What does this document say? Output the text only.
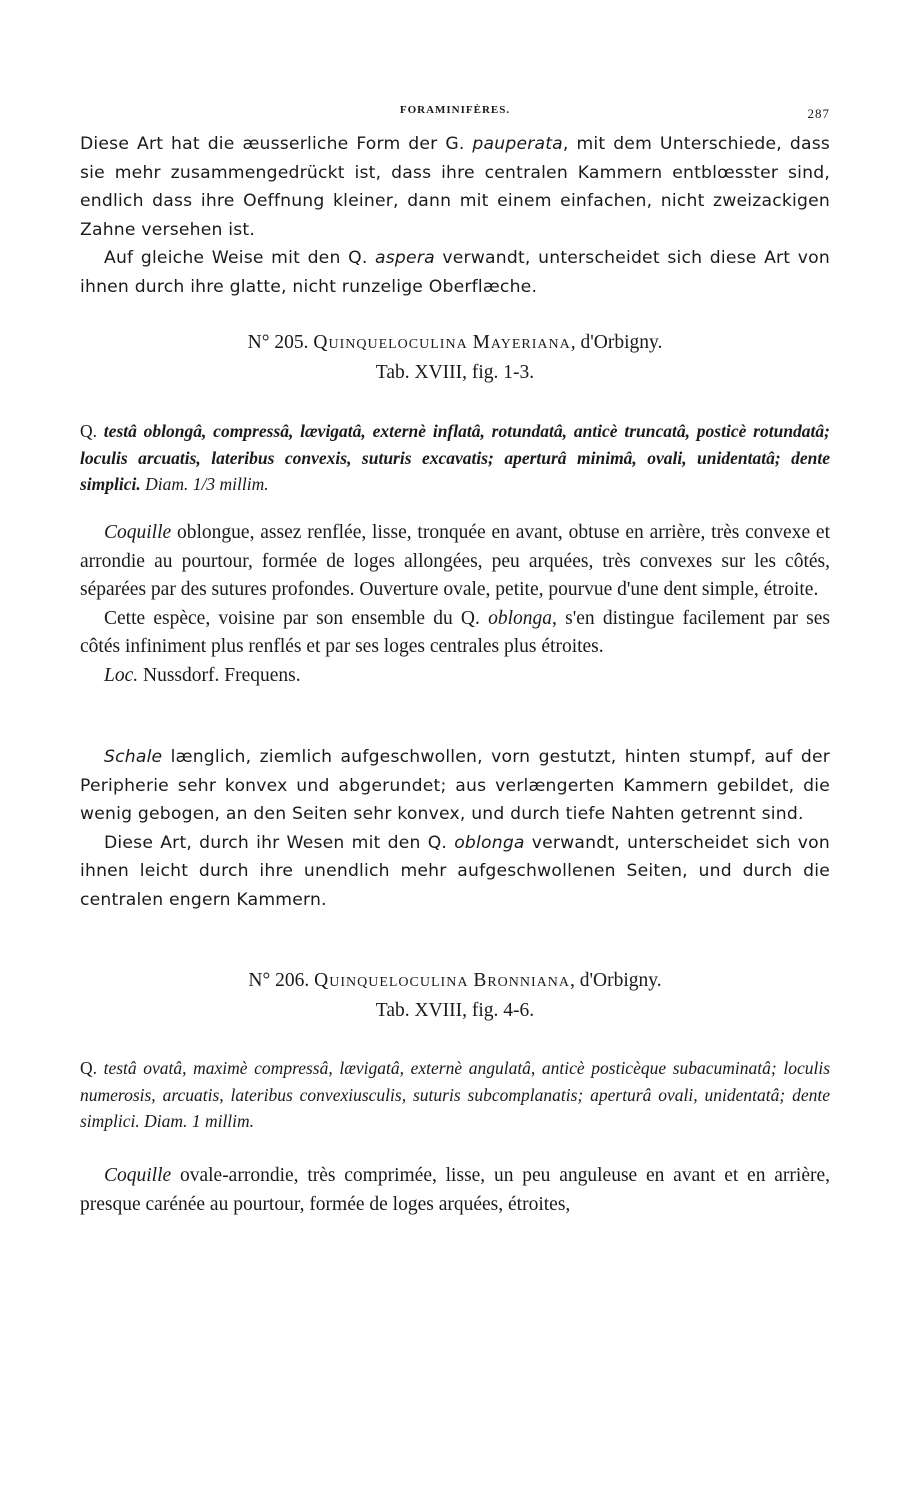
FORAMINIFÈRES.	287

Diese Art hat die æusserliche Form der G. pauperata, mit dem Unterschiede, dass sie mehr zusammengedrückt ist, dass ihre centralen Kammern entblœsster sind, endlich dass ihre Oeffnung kleiner, dann mit einem einfachen, nicht zweizackigen Zahne versehen ist.

Auf gleiche Weise mit den Q. aspera verwandt, unterscheidet sich diese Art von ihnen durch ihre glatte, nicht runzelige Oberflæche.

N° 205. Quinqueloculina Mayeriana, d'Orbigny.

Tab. XVIII, fig. 1-3.

Q. testâ oblongâ, compressâ, lævigatâ, externè inflatâ, rotundatâ, anticè truncatâ, posticè rotundatâ; loculis arcuatis, lateribus convexis, suturis excavatis; aperturâ minimâ, ovali, unidentatâ; dente simplici. Diam. 1/3 millim.

Coquille oblongue, assez renflée, lisse, tronquée en avant, obtuse en arrière, très convexe et arrondie au pourtour, formée de loges allongées, peu arquées, très convexes sur les côtés, séparées par des sutures profondes. Ouverture ovale, petite, pourvue d'une dent simple, étroite.

Cette espèce, voisine par son ensemble du Q. oblonga, s'en distingue facilement par ses côtés infiniment plus renflés et par ses loges centrales plus étroites.

Loc. Nussdorf. Frequens.

Schale længlich, ziemlich aufgeschwollen, vorn gestutzt, hinten stumpf, auf der Peripherie sehr konvex und abgerundet; aus verlængerten Kammern gebildet, die wenig gebogen, an den Seiten sehr konvex, und durch tiefe Nahten getrennt sind.

Diese Art, durch ihr Wesen mit den Q. oblonga verwandt, unterscheidet sich von ihnen leicht durch ihre unendlich mehr aufgeschwollenen Seiten, und durch die centralen engern Kammern.

N° 206. Quinqueloculina Bronniana, d'Orbigny.

Tab. XVIII, fig. 4-6.

Q. testâ ovatâ, maximè compressâ, lævigatâ, externè angulatâ, anticè posticèque subacuminatâ; loculis numerosis, arcuatis, lateribus convexiusculis, suturis subcomplanatis; aperturâ ovali, unidentatâ; dente simplici. Diam. 1 millim.

Coquille ovale-arrondie, très comprimée, lisse, un peu anguleuse en avant et en arrière, presque carénée au pourtour, formée de loges arquées, étroites,
